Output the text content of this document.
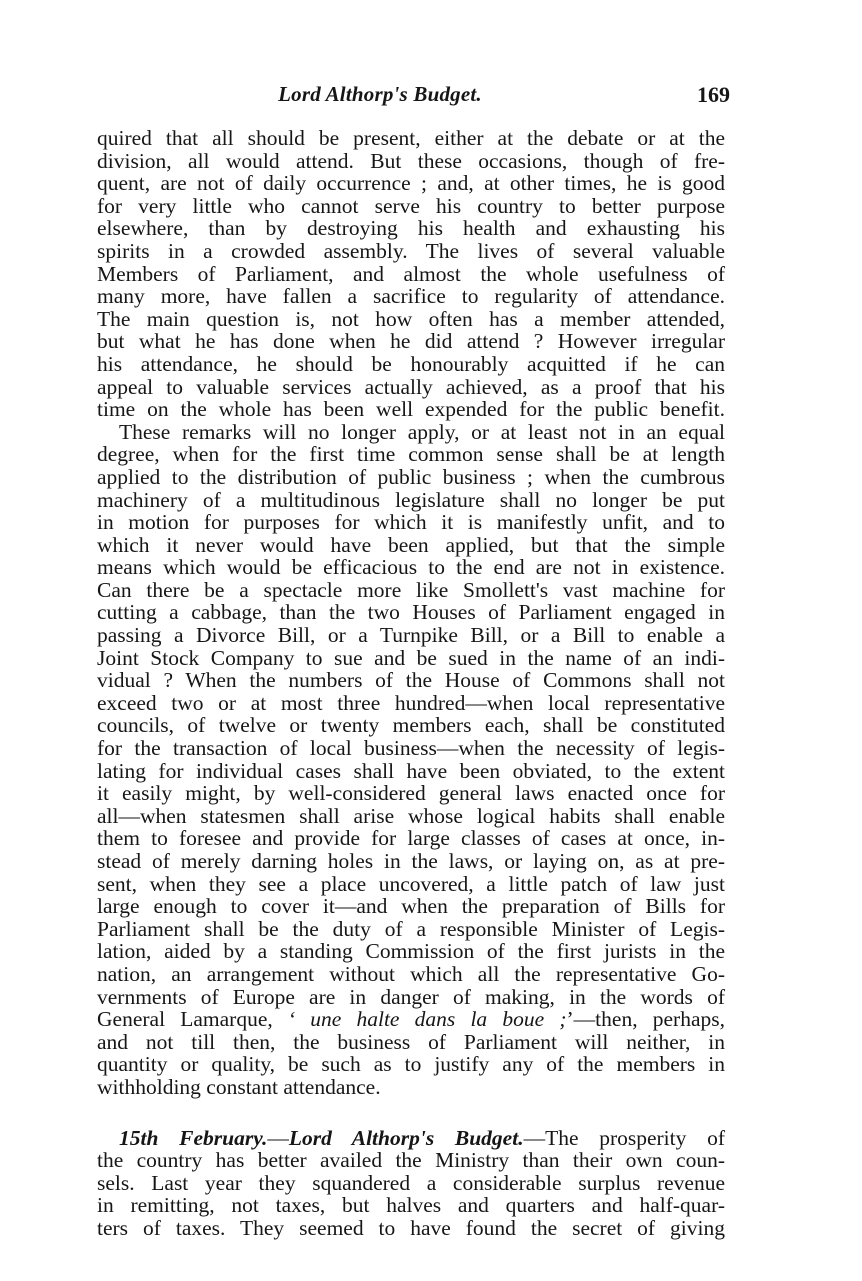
Lord Althorp's Budget.	169
quired that all should be present, either at the debate or at the
division, all would attend. But these occasions, though of fre-
quent, are not of daily occurrence ; and, at other times, he is good
for very little who cannot serve his country to better purpose
elsewhere, than by destroying his health and exhausting his
spirits in a crowded assembly. The lives of several valuable
Members of Parliament, and almost the whole usefulness of
many more, have fallen a sacrifice to regularity of attendance.
The main question is, not how often has a member attended,
but what he has done when he did attend ? However irregular
his attendance, he should be honourably acquitted if he can
appeal to valuable services actually achieved, as a proof that his
time on the whole has been well expended for the public benefit.
These remarks will no longer apply, or at least not in an equal
degree, when for the first time common sense shall be at length
applied to the distribution of public business ; when the cumbrous
machinery of a multitudinous legislature shall no longer be put
in motion for purposes for which it is manifestly unfit, and to
which it never would have been applied, but that the simple
means which would be efficacious to the end are not in existence.
Can there be a spectacle more like Smollett's vast machine for
cutting a cabbage, than the two Houses of Parliament engaged in
passing a Divorce Bill, or a Turnpike Bill, or a Bill to enable a
Joint Stock Company to sue and be sued in the name of an indi-
vidual ? When the numbers of the House of Commons shall not
exceed two or at most three hundred—when local representative
councils, of twelve or twenty members each, shall be constituted
for the transaction of local business—when the necessity of legis-
lating for individual cases shall have been obviated, to the extent
it easily might, by well-considered general laws enacted once for
all—when statesmen shall arise whose logical habits shall enable
them to foresee and provide for large classes of cases at once, in-
stead of merely darning holes in the laws, or laying on, as at pre-
sent, when they see a place uncovered, a little patch of law just
large enough to cover it—and when the preparation of Bills for
Parliament shall be the duty of a responsible Minister of Legis-
lation, aided by a standing Commission of the first jurists in the
nation, an arrangement without which all the representative Go-
vernments of Europe are in danger of making, in the words of
General Lamarque, ‘ une halte dans la boue ;’—then, perhaps,
and not till then, the business of Parliament will neither, in
quantity or quality, be such as to justify any of the members in
withholding constant attendance.
15th February.—Lord Althorp's Budget.—The prosperity of
the country has better availed the Ministry than their own coun-
sels. Last year they squandered a considerable surplus revenue
in remitting, not taxes, but halves and quarters and half-quar-
ters of taxes. They seemed to have found the secret of giving
